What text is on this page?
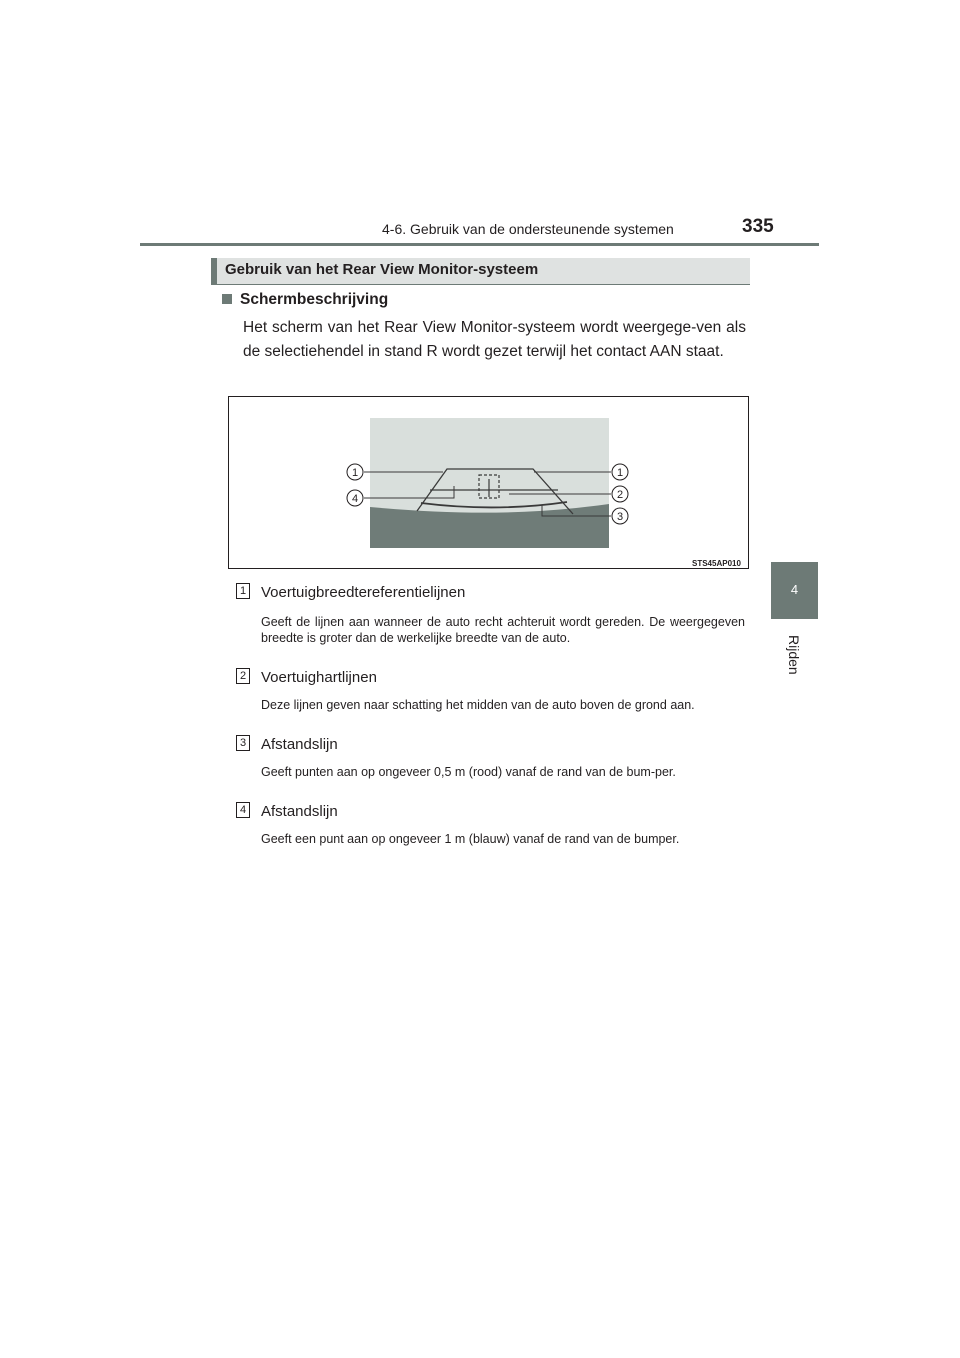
4-6. Gebruik van de ondersteunende systemen	335
4
Rijden
Gebruik van het Rear View Monitor-systeem
Schermbeschrijving
Het scherm van het Rear View Monitor-systeem wordt weergege-ven als de selectiehendel in stand R wordt gezet terwijl het contact AAN staat.
1
4
1
2
3
STS45AP010
1 Voertuigbreedtereferentielijnen
Geeft de lijnen aan wanneer de auto recht achteruit wordt gereden. De weergegeven breedte is groter dan de werkelijke breedte van de auto.
2 Voertuighartlijnen
Deze lijnen geven naar schatting het midden van de auto boven de grond aan.
3 Afstandslijn
Geeft punten aan op ongeveer 0,5 m (rood) vanaf de rand van de bum-per.
4 Afstandslijn
Geeft een punt aan op ongeveer 1 m (blauw) vanaf de rand van de bumper.
